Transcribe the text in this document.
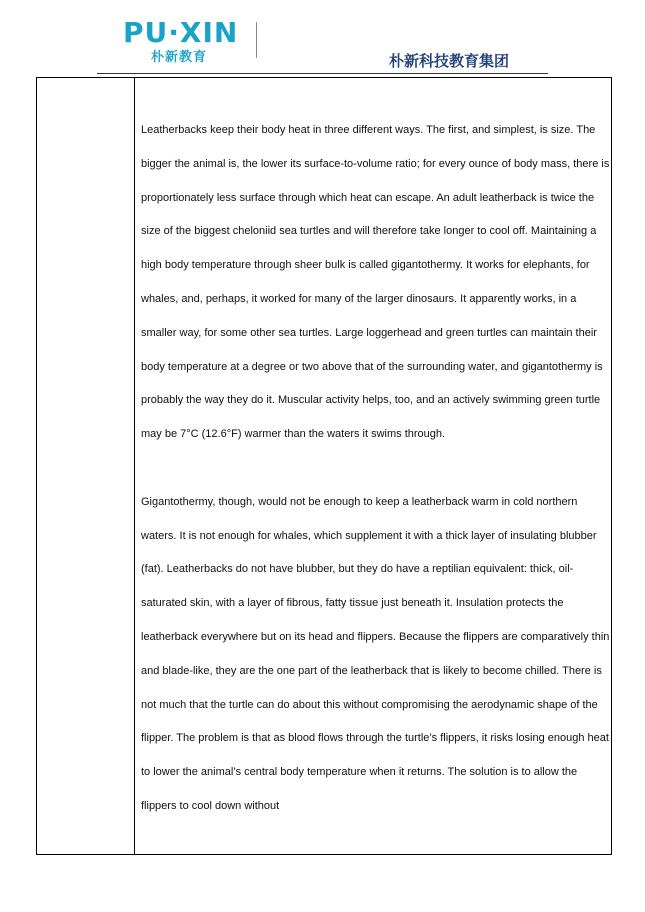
PU·XIN
朴新教育	朴新科技教育集团

Leatherbacks keep their body heat in three different ways. The first, and simplest, is size. The bigger the animal is, the lower its surface-to-volume ratio; for every ounce of body mass, there is proportionately less surface through which heat can escape. An adult leatherback is twice the size of the biggest cheloniid sea turtles and will therefore take longer to cool off. Maintaining a high body temperature through sheer bulk is called gigantothermy. It works for elephants, for whales, and, perhaps, it worked for many of the larger dinosaurs. It apparently works, in a smaller way, for some other sea turtles. Large loggerhead and green turtles can maintain their body temperature at a degree or two above that of the surrounding water, and gigantothermy is probably the way they do it. Muscular activity helps, too, and an actively swimming green turtle may be 7°C (12.6°F) warmer than the waters it swims through.

Gigantothermy, though, would not be enough to keep a leatherback warm in cold northern waters. It is not enough for whales, which supplement it with a thick layer of insulating blubber (fat). Leatherbacks do not have blubber, but they do have a reptilian equivalent: thick, oil-saturated skin, with a layer of fibrous, fatty tissue just beneath it. Insulation protects the leatherback everywhere but on its head and flippers. Because the flippers are comparatively thin and blade-like, they are the one part of the leatherback that is likely to become chilled. There is not much that the turtle can do about this without compromising the aerodynamic shape of the flipper. The problem is that as blood flows through the turtle’s flippers, it risks losing enough heat to lower the animal’s central body temperature when it returns. The solution is to allow the flippers to cool down without
